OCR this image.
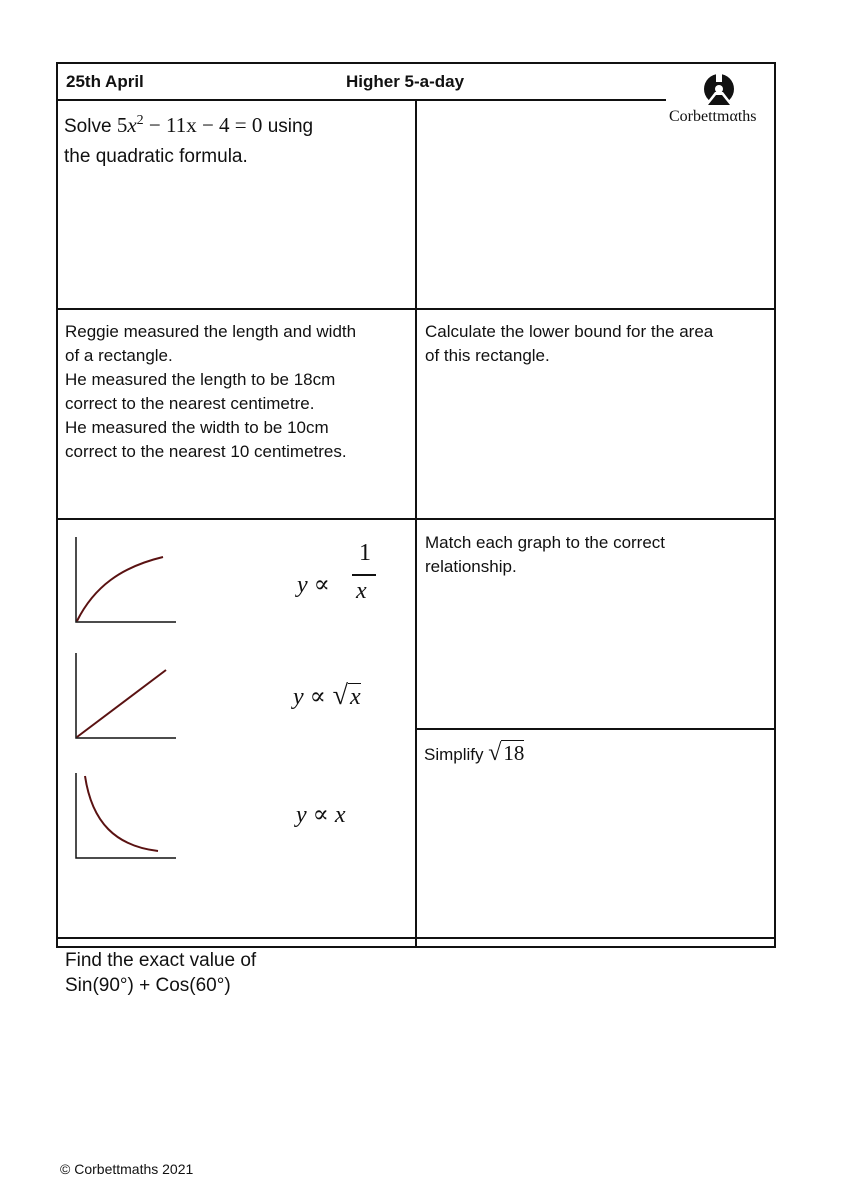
25th April	Higher 5-a-day
Corbettmαths
Solve $5x^2 - 11x - 4 = 0$ using
the quadratic formula.
Reggie measured the length and width
of a rectangle.
He measured the length to be 18cm
correct to the nearest centimetre.
He measured the width to be 10cm
correct to the nearest 10 centimetres.
Calculate the lower bound for the area
of this rectangle.
y ∝
1
x
y ∝ √x
y ∝ x
Match each graph to the correct
relationship.
Simplify √18
Find the exact value of
Sin(90°) + Cos(60°)
© Corbettmaths 2021
